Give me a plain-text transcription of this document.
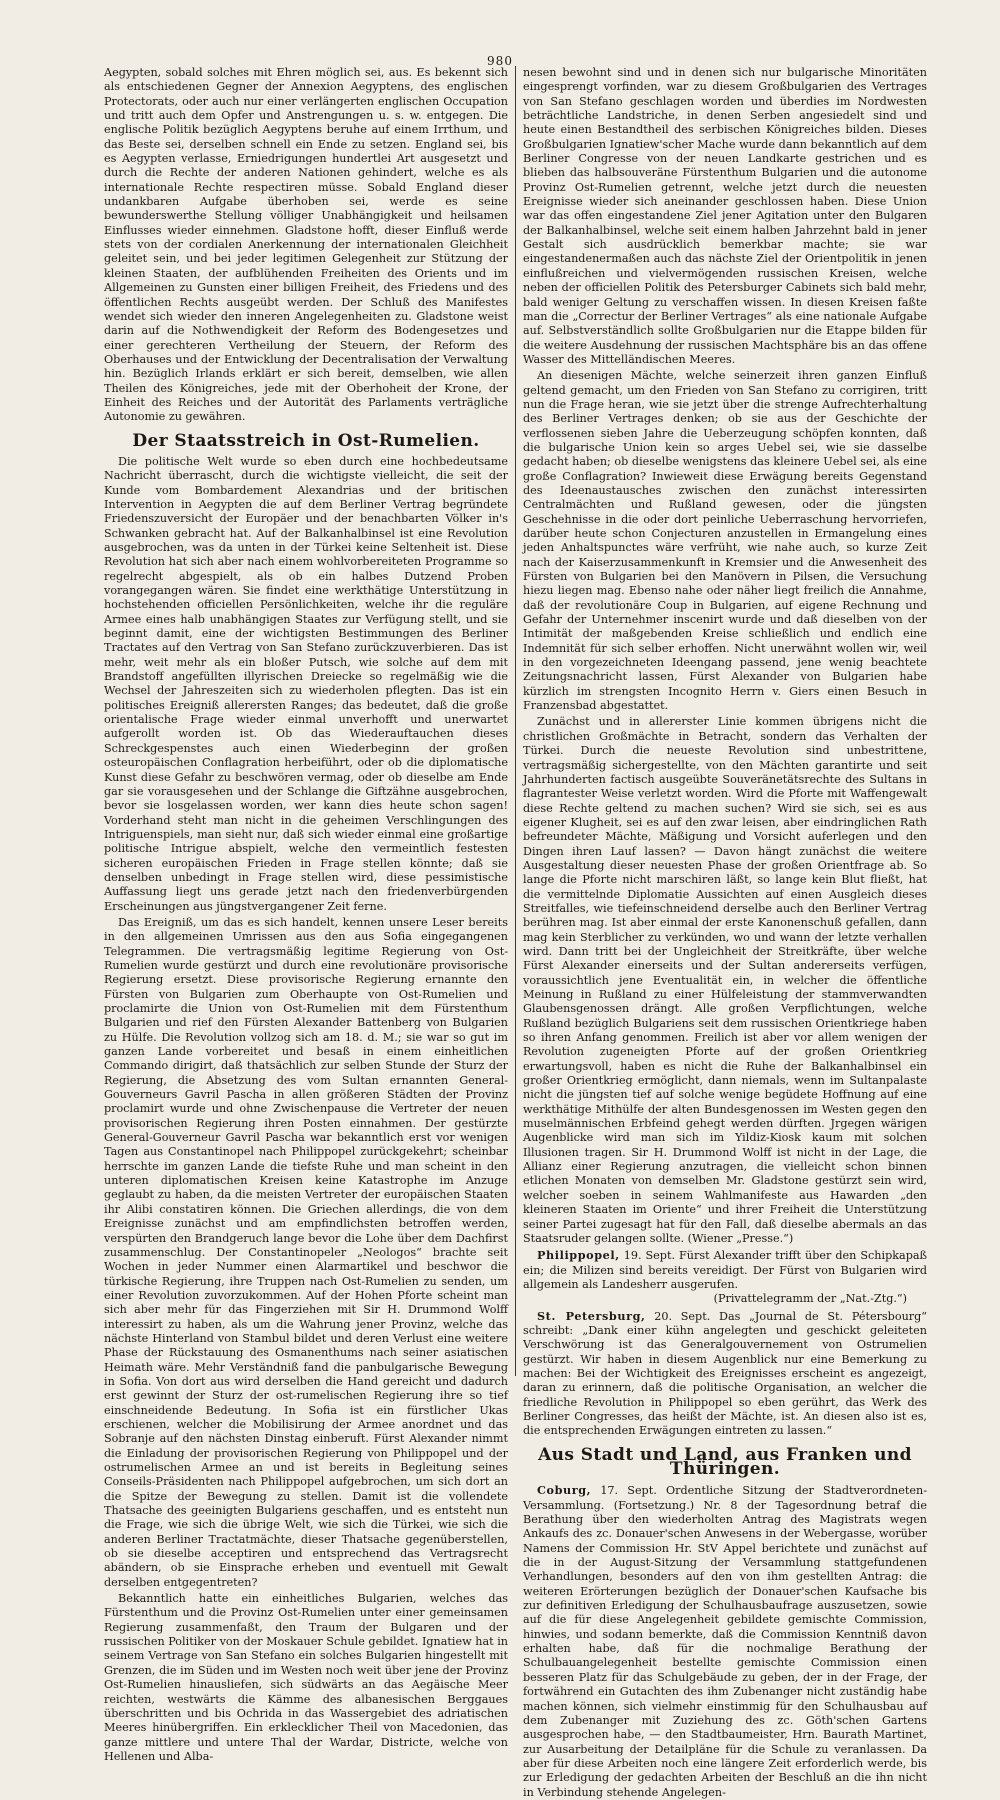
980

Aegypten, sobald solches mit Ehren möglich sei, aus. Es bekennt sich als entschiedenen Gegner der Annexion Aegyptens, des englischen Protectorats, oder auch nur einer verlängerten englischen Occupation und tritt auch dem Opfer und Anstrengungen u. s. w. entgegen. Die englische Politik bezüglich Aegyptens beruhe auf einem Irrthum, und das Beste sei, derselben schnell ein Ende zu setzen. England sei, bis es Aegypten verlasse, Erniedrigungen hundertlei Art ausgesetzt und durch die Rechte der anderen Nationen gehindert, welche es als internationale Rechte respectiren müsse. Sobald England dieser undankbaren Aufgabe überhoben sei, werde es seine bewunderswerthe Stellung völliger Unabhängigkeit und heilsamen Einflusses wieder einnehmen. Gladstone hofft, dieser Einfluß werde stets von der cordialen Anerkennung der internationalen Gleichheit geleitet sein, und bei jeder legitimen Gelegenheit zur Stützung der kleinen Staaten, der aufblühenden Freiheiten des Orients und im Allgemeinen zu Gunsten einer billigen Freiheit, des Friedens und des öffentlichen Rechts ausgeübt werden. Der Schluß des Manifestes wendet sich wieder den inneren Angelegenheiten zu. Gladstone weist darin auf die Nothwendigkeit der Reform des Bodengesetzes und einer gerechteren Vertheilung der Steuern, der Reform des Oberhauses und der Entwicklung der Decentralisation der Verwaltung hin. Bezüglich Irlands erklärt er sich bereit, demselben, wie allen Theilen des Königreiches, jede mit der Oberhoheit der Krone, der Einheit des Reiches und der Autorität des Parlaments verträgliche Autonomie zu gewähren.

Der Staatsstreich in Ost-Rumelien.

Die politische Welt wurde so eben durch eine hochbedeutsame Nachricht überrascht, durch die wichtigste vielleicht, die seit der Kunde vom Bombardement Alexandrias und der britischen Intervention in Aegypten die auf dem Berliner Vertrag begründete Friedenszuversicht der Europäer und der benachbarten Völker in's Schwanken gebracht hat. Auf der Balkanhalbinsel ist eine Revolution ausgebrochen, was da unten in der Türkei keine Seltenheit ist. Diese Revolution hat sich aber nach einem wohlvorbereiteten Programme so regelrecht abgespielt, als ob ein halbes Dutzend Proben vorangegangen wären. Sie findet eine werkthätige Unterstützung in hochstehenden officiellen Persönlichkeiten, welche ihr die reguläre Armee eines halb unabhängigen Staates zur Verfügung stellt, und sie beginnt damit, eine der wichtigsten Bestimmungen des Berliner Tractates auf den Vertrag von San Stefano zurückzuverbieren. Das ist mehr, weit mehr als ein bloßer Putsch, wie solche auf dem mit Brandstoff angefüllten illyrischen Dreiecke so regelmäßig wie die Wechsel der Jahreszeiten sich zu wiederholen pflegten. Das ist ein politisches Ereigniß allerersten Ranges; das bedeutet, daß die große orientalische Frage wieder einmal unverhofft und unerwartet aufgerollt worden ist. Ob das Wiederauftauchen dieses Schreckgespenstes auch einen Wiederbeginn der großen osteuropäischen Conflagration herbeiführt, oder ob die diplomatische Kunst diese Gefahr zu beschwören vermag, oder ob dieselbe am Ende gar sie vorausgesehen und der Schlange die Giftzähne ausgebrochen, bevor sie losgelassen worden, wer kann dies heute schon sagen! Vorderhand steht man nicht in die geheimen Verschlingungen des Intriguenspiels, man sieht nur, daß sich wieder einmal eine großartige politische Intrigue abspielt, welche den vermeintlich festesten sicheren europäischen Frieden in Frage stellen könnte; daß sie denselben unbedingt in Frage stellen wird, diese pessimistische Auffassung liegt uns gerade jetzt nach den friedenverbürgenden Erscheinungen aus jüngstvergangener Zeit ferne.

Das Ereigniß, um das es sich handelt, kennen unsere Leser bereits in den allgemeinen Umrissen aus den aus Sofia eingegangenen Telegrammen. Die vertragsmäßig legitime Regierung von Ost-Rumelien wurde gestürzt und durch eine revolutionäre provisorische Regierung ersetzt. Diese provisorische Regierung ernannte den Fürsten von Bulgarien zum Oberhaupte von Ost-Rumelien und proclamirte die Union von Ost-Rumelien mit dem Fürstenthum Bulgarien und rief den Fürsten Alexander Battenberg von Bulgarien zu Hülfe. Die Revolution vollzog sich am 18. d. M.; sie war so gut im ganzen Lande vorbereitet und besaß in einem einheitlichen Commando dirigirt, daß thatsächlich zur selben Stunde der Sturz der Regierung, die Absetzung des vom Sultan ernannten General-Gouverneurs Gavril Pascha in allen größeren Städten der Provinz proclamirt wurde und ohne Zwischenpause die Vertreter der neuen provisorischen Regierung ihren Posten einnahmen. Der gestürzte General-Gouverneur Gavril Pascha war bekanntlich erst vor wenigen Tagen aus Constantinopel nach Philippopel zurückgekehrt; scheinbar herrschte im ganzen Lande die tiefste Ruhe und man scheint in den unteren diplomatischen Kreisen keine Katastrophe im Anzuge geglaubt zu haben, da die meisten Vertreter der europäischen Staaten ihr Alibi constatiren können. Die Griechen allerdings, die von dem Ereignisse zunächst und am empfindlichsten betroffen werden, verspürten den Brandgeruch lange bevor die Lohe über dem Dachfirst zusammenschlug. Der Constantinopeler „Neologos“ brachte seit Wochen in jeder Nummer einen Alarmartikel und beschwor die türkische Regierung, ihre Truppen nach Ost-Rumelien zu senden, um einer Revolution zuvorzukommen. Auf der Hohen Pforte scheint man sich aber mehr für das Fingerziehen mit Sir H. Drummond Wolff interessirt zu haben, als um die Wahrung jener Provinz, welche das nächste Hinterland von Stambul bildet und deren Verlust eine weitere Phase der Rückstauung des Osmanenthums nach seiner asiatischen Heimath wäre. Mehr Verständniß fand die panbulgarische Bewegung in Sofia. Von dort aus wird derselben die Hand gereicht und dadurch erst gewinnt der Sturz der ost-rumelischen Regierung ihre so tief einschneidende Bedeutung. In Sofia ist ein fürstlicher Ukas erschienen, welcher die Mobilisirung der Armee anordnet und das Sobranje auf den nächsten Dinstag einberuft. Fürst Alexander nimmt die Einladung der provisorischen Regierung von Philippopel und der ostrumelischen Armee an und ist bereits in Begleitung seines Conseils-Präsidenten nach Philippopel aufgebrochen, um sich dort an die Spitze der Bewegung zu stellen. Damit ist die vollendete Thatsache des geeinigten Bulgariens geschaffen, und es entsteht nun die Frage, wie sich die übrige Welt, wie sich die Türkei, wie sich die anderen Berliner Tractatmächte, dieser Thatsache gegenüberstellen, ob sie dieselbe acceptiren und entsprechend das Vertragsrecht abändern, ob sie Einsprache erheben und eventuell mit Gewalt derselben entgegentreten?

Bekanntlich hatte ein einheitliches Bulgarien, welches das Fürstenthum und die Provinz Ost-Rumelien unter einer gemeinsamen Regierung zusammenfaßt, den Traum der Bulgaren und der russischen Politiker von der Moskauer Schule gebildet. Ignatiew hat in seinem Vertrage von San Stefano ein solches Bulgarien hingestellt mit Grenzen, die im Süden und im Westen noch weit über jene der Provinz Ost-Rumelien hinausliefen, sich südwärts an das Aegäische Meer reichten, westwärts die Kämme des albanesischen Berggaues überschritten und bis Ochrida in das Wassergebiet des adriatischen Meeres hinübergriffen. Ein erklecklicher Theil von Macedonien, das ganze mittlere und untere Thal der Wardar, Districte, welche von Hellenen und Alba-

nesen bewohnt sind und in denen sich nur bulgarische Minoritäten eingesprengt vorfinden, war zu diesem Großbulgarien des Vertrages von San Stefano geschlagen worden und überdies im Nordwesten beträchtliche Landstriche, in denen Serben angesiedelt sind und heute einen Bestandtheil des serbischen Königreiches bilden. Dieses Großbulgarien Ignatiew'scher Mache wurde dann bekanntlich auf dem Berliner Congresse von der neuen Landkarte gestrichen und es blieben das halbsouveräne Fürstenthum Bulgarien und die autonome Provinz Ost-Rumelien getrennt, welche jetzt durch die neuesten Ereignisse wieder sich aneinander geschlossen haben. Diese Union war das offen eingestandene Ziel jener Agitation unter den Bulgaren der Balkanhalbinsel, welche seit einem halben Jahrzehnt bald in jener Gestalt sich ausdrücklich bemerkbar machte; sie war eingestandenermaßen auch das nächste Ziel der Orientpolitik in jenen einflußreichen und vielvermögenden russischen Kreisen, welche neben der officiellen Politik des Petersburger Cabinets sich bald mehr, bald weniger Geltung zu verschaffen wissen. In diesen Kreisen faßte man die „Correctur der Berliner Vertrages“ als eine nationale Aufgabe auf. Selbstverständlich sollte Großbulgarien nur die Etappe bilden für die weitere Ausdehnung der russischen Machtsphäre bis an das offene Wasser des Mittelländischen Meeres.

An diesenigen Mächte, welche seinerzeit ihren ganzen Einfluß geltend gemacht, um den Frieden von San Stefano zu corrigiren, tritt nun die Frage heran, wie sie jetzt über die strenge Aufrechterhaltung des Berliner Vertrages denken; ob sie aus der Geschichte der verflossenen sieben Jahre die Ueberzeugung schöpfen konnten, daß die bulgarische Union kein so arges Uebel sei, wie sie dasselbe gedacht haben; ob dieselbe wenigstens das kleinere Uebel sei, als eine große Conflagration? Inwieweit diese Erwägung bereits Gegenstand des Ideenaustausches zwischen den zunächst interessirten Centralmächten und Rußland gewesen, oder die jüngsten Geschehnisse in die oder dort peinliche Ueberraschung hervorriefen, darüber heute schon Conjecturen anzustellen in Ermangelung eines jeden Anhaltspunctes wäre verfrüht, wie nahe auch, so kurze Zeit nach der Kaiserzusammenkunft in Kremsier und die Anwesenheit des Fürsten von Bulgarien bei den Manövern in Pilsen, die Versuchung hiezu liegen mag. Ebenso nahe oder näher liegt freilich die Annahme, daß der revolutionäre Coup in Bulgarien, auf eigene Rechnung und Gefahr der Unternehmer inscenirt wurde und daß dieselben von der Intimität der maßgebenden Kreise schließlich und endlich eine Indemnität für sich selber erhoffen. Nicht unerwähnt wollen wir, weil in den vorgezeichneten Ideengang passend, jene wenig beachtete Zeitungsnachricht lassen, Fürst Alexander von Bulgarien habe kürzlich im strengsten Incognito Herrn v. Giers einen Besuch in Franzensbad abgestattet.

Zunächst und in allererster Linie kommen übrigens nicht die christlichen Großmächte in Betracht, sondern das Verhalten der Türkei. Durch die neueste Revolution sind unbestrittene, vertragsmäßig sichergestellte, von den Mächten garantirte und seit Jahrhunderten factisch ausgeübte Souveränetätsrechte des Sultans in flagrantester Weise verletzt worden. Wird die Pforte mit Waffengewalt diese Rechte geltend zu machen suchen? Wird sie sich, sei es aus eigener Klugheit, sei es auf den zwar leisen, aber eindringlichen Rath befreundeter Mächte, Mäßigung und Vorsicht auferlegen und den Dingen ihren Lauf lassen? — Davon hängt zunächst die weitere Ausgestaltung dieser neuesten Phase der großen Orientfrage ab. So lange die Pforte nicht marschiren läßt, so lange kein Blut fließt, hat die vermittelnde Diplomatie Aussichten auf einen Ausgleich dieses Streitfalles, wie tiefeinschneidend derselbe auch den Berliner Vertrag berühren mag. Ist aber einmal der erste Kanonenschuß gefallen, dann mag kein Sterblicher zu verkünden, wo und wann der letzte verhallen wird. Dann tritt bei der Ungleichheit der Streitkräfte, über welche Fürst Alexander einerseits und der Sultan andererseits verfügen, voraussichtlich jene Eventualität ein, in welcher die öffentliche Meinung in Rußland zu einer Hülfeleistung der stammverwandten Glaubensgenossen drängt. Alle großen Verpflichtungen, welche Rußland bezüglich Bulgariens seit dem russischen Orientkriege haben so ihren Anfang genommen. Freilich ist aber vor allem wenigen der Revolution zugeneigten Pforte auf der großen Orientkrieg erwartungsvoll, haben es nicht die Ruhe der Balkanhalbinsel ein großer Orientkrieg ermöglicht, dann niemals, wenn im Sultanpalaste nicht die jüngsten tief auf solche wenige begüdete Hoffnung auf eine werkthätige Mithülfe der alten Bundesgenossen im Westen gegen den muselmännischen Erbfeind gehegt werden dürften. Jrgegen wärigen Augenblicke wird man sich im Yildiz-Kiosk kaum mit solchen Illusionen tragen. Sir H. Drummond Wolff ist nicht in der Lage, die Allianz einer Regierung anzutragen, die vielleicht schon binnen etlichen Monaten von demselben Mr. Gladstone gestürzt sein wird, welcher soeben in seinem Wahlmanifeste aus Hawarden „den kleineren Staaten im Oriente“ und ihrer Freiheit die Unterstützung seiner Partei zugesagt hat für den Fall, daß dieselbe abermals an das Staatsruder gelangen sollte. (Wiener „Presse.“)

Philippopel, 19. Sept. Fürst Alexander trifft über den Schipkapaß ein; die Milizen sind bereits vereidigt. Der Fürst von Bulgarien wird allgemein als Landesherr ausgerufen.
(Privattelegramm der „Nat.-Ztg.“)

St. Petersburg, 20. Sept. Das „Journal de St. Pétersbourg“ schreibt: „Dank einer kühn angelegten und geschickt geleiteten Verschwörung ist das Generalgouvernement von Ostrumelien gestürzt. Wir haben in diesem Augenblick nur eine Bemerkung zu machen: Bei der Wichtigkeit des Ereignisses erscheint es angezeigt, daran zu erinnern, daß die politische Organisation, an welcher die friedliche Revolution in Philippopel so eben gerührt, das Werk des Berliner Congresses, das heißt der Mächte, ist. An diesen also ist es, die entsprechenden Erwägungen eintreten zu lassen.“

Aus Stadt und Land, aus Franken und Thüringen.

Coburg, 17. Sept. Ordentliche Sitzung der Stadtverordneten-Versammlung. (Fortsetzung.) Nr. 8 der Tagesordnung betraf die Berathung über den wiederholten Antrag des Magistrats wegen Ankaufs des zc. Donauer'schen Anwesens in der Webergasse, worüber Namens der Commission Hr. StV Appel berichtete und zunächst auf die in der August-Sitzung der Versammlung stattgefundenen Verhandlungen, besonders auf den von ihm gestellten Antrag: die weiteren Erörterungen bezüglich der Donauer'schen Kaufsache bis zur definitiven Erledigung der Schulhausbaufrage auszusetzen, sowie auf die für diese Angelegenheit gebildete gemischte Commission, hinwies, und sodann bemerkte, daß die Commission Kenntniß davon erhalten habe, daß für die nochmalige Berathung der Schulbauangelegenheit bestellte gemischte Commission einen besseren Platz für das Schulgebäude zu geben, der in der Frage, der fortwährend ein Gutachten des ihm Zubenanger nicht zuständig habe machen können, sich vielmehr einstimmig für den Schulhausbau auf dem Zubenanger mit Zuziehung des zc. Göth'schen Gartens ausgesprochen habe, — den Stadtbaumeister, Hrn. Baurath Martinet, zur Ausarbeitung der Detailpläne für die Schule zu veranlassen. Da aber für diese Arbeiten noch eine längere Zeit erforderlich werde, bis zur Erledigung der gedachten Arbeiten der Beschluß an die ihn nicht in Verbindung stehende Angelegen-
